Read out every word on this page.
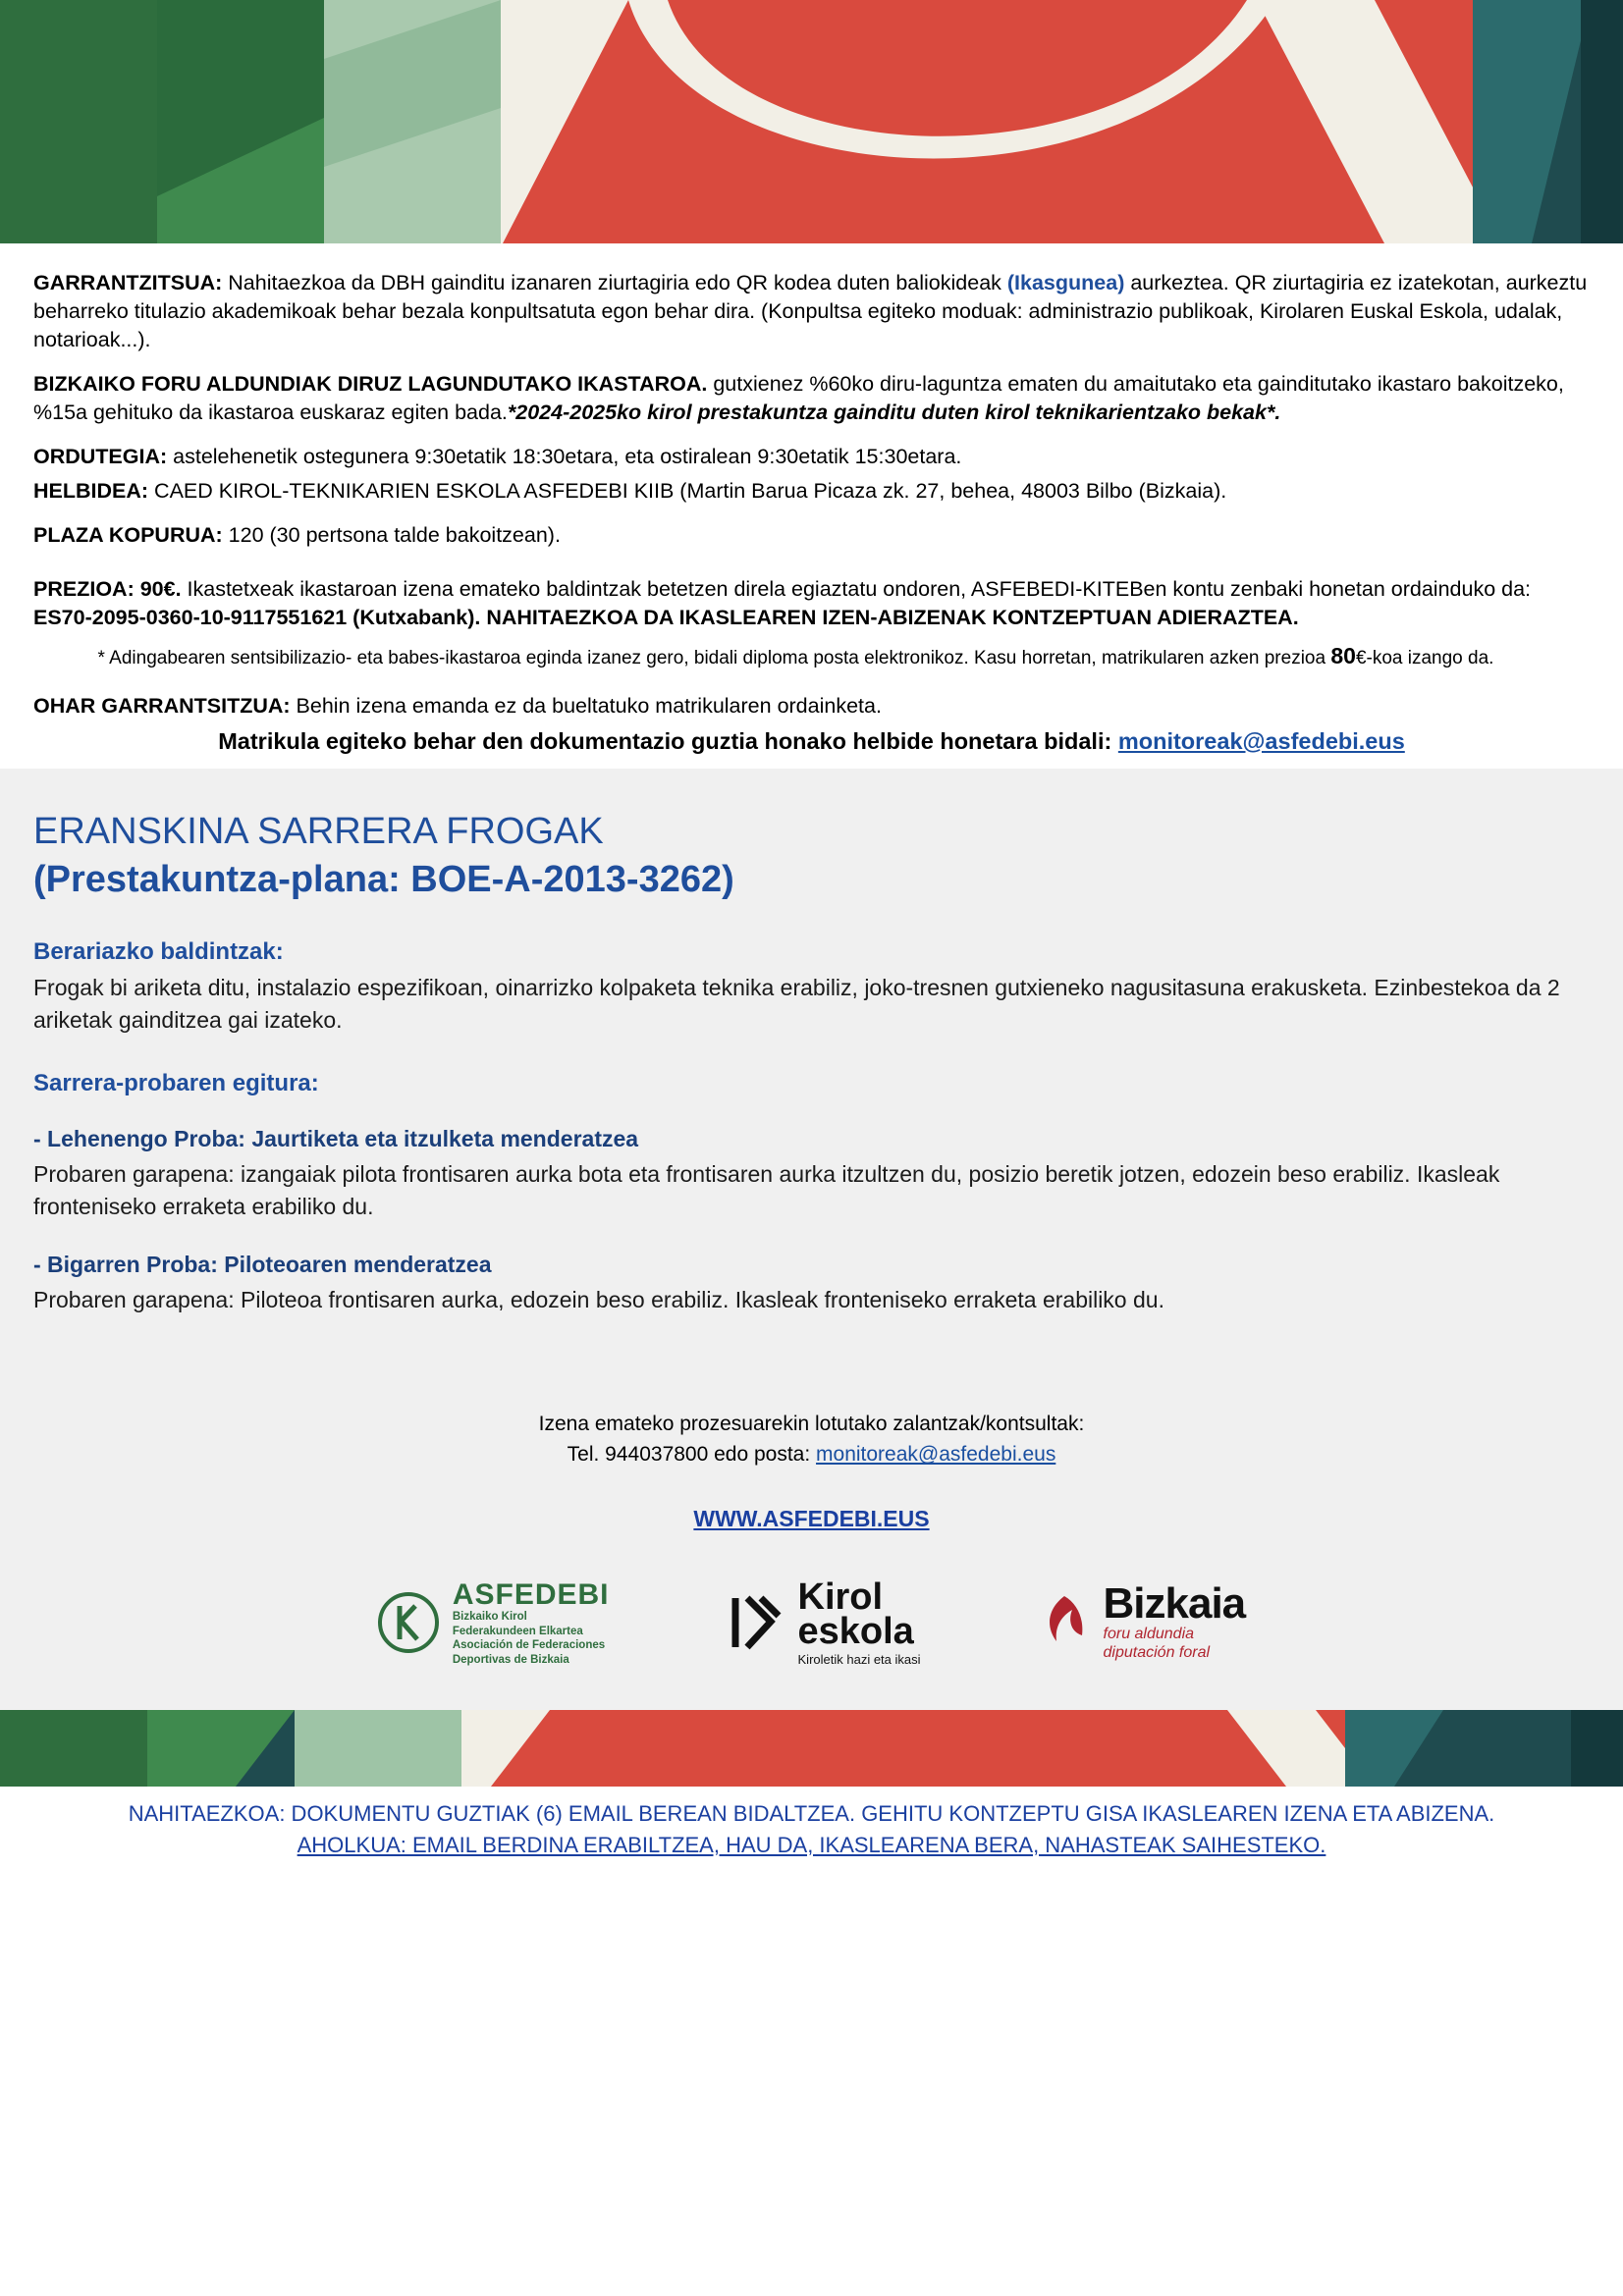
GARRANTZITSUA: Nahitaezkoa da DBH gainditu izanaren ziurtagiria edo QR kodea duten baliokideak (Ikasgunea) aurkeztea. QR ziurtagiria ez izatekotan, aurkeztu beharreko titulazio akademikoak behar bezala konpultsatuta egon behar dira. (Konpultsa egiteko moduak: administrazio publikoak, Kirolaren Euskal Eskola, udalak, notarioak...).
BIZKAIKO FORU ALDUNDIAK DIRUZ LAGUNDUTAKO IKASTAROA. gutxienez %60ko diru-laguntza ematen du amaitutako eta gainditutako ikastaro bakoitzeko, %15a gehituko da ikastaroa euskaraz egiten bada.*2024-2025ko kirol prestakuntza gainditu duten kirol teknikarientzako bekak*.
ORDUTEGIA: astelehenetik ostegunera 9:30etatik 18:30etara, eta ostiralean 9:30etatik 15:30etara.
HELBIDEA: CAED KIROL-TEKNIKARIEN ESKOLA ASFEDEBI KIIB (Martin Barua Picaza zk. 27, behea, 48003 Bilbo (Bizkaia).
PLAZA KOPURUA: 120 (30 pertsona talde bakoitzean).
PREZIOA: 90€. Ikastetxeak ikastaroan izena emateko baldintzak betetzen direla egiaztatu ondoren, ASFEBEDI-KITEBen kontu zenbaki honetan ordainduko da: ES70-2095-0360-10-9117551621 (Kutxabank). NAHITAEZKOA DA IKASLEAREN IZEN-ABIZENAK KONTZEPTUAN ADIERAZTEA.
* Adingabearen sentsibilizazio- eta babes-ikastaroa eginda izanez gero, bidali diploma posta elektronikoz. Kasu horretan, matrikularen azken prezioa 80€-koa izango da.
OHAR GARRANTSITZUA: Behin izena emanda ez da bueltatuko matrikularen ordainketa.
Matrikula egiteko behar den dokumentazio guztia honako helbide honetara bidali: monitoreak@asfedebi.eus
ERANSKINA SARRERA FROGAK
(Prestakuntza-plana: BOE-A-2013-3262)
Berariazko baldintzak:

Frogak bi ariketa ditu, instalazio espezifikoan, oinarrizko kolpaketa teknika erabiliz, joko-tresnen gutxieneko nagusitasuna erakusketa. Ezinbestekoa da 2 ariketak gainditzea gai izateko.

Sarrera-probaren egitura:

- Lehenengo Proba: Jaurtiketa eta itzulketa menderatzea

Probaren garapena: izangaiak pilota frontisaren aurka bota eta frontisaren aurka itzultzen du, posizio beretik jotzen, edozein beso erabiliz. Ikasleak fronteniseko erraketa erabiliko du.

- Bigarren Proba: Piloteoaren menderatzea

Probaren garapena: Piloteoa frontisaren aurka, edozein beso erabiliz. Ikasleak fronteniseko erraketa erabiliko du.

Izena emateko prozesuarekin lotutako zalantzak/kontsultak:
Tel. 944037800 edo posta: monitoreak@asfedebi.eus
WWW.ASFEDEBI.EUS
ASFEDEBI
Bizkaiko Kirol
Federakundeen Elkartea
Asociación de Federaciones
Deportivas de Bizkaia
Kirol
eskola
Kiroletik hazi eta ikasi
Bizkaia
foru aldundia
diputación foral
NAHITAEZKOA: DOKUMENTU GUZTIAK (6) EMAIL BEREAN BIDALTZEA. GEHITU KONTZEPTU GISA IKASLEAREN IZENA ETA ABIZENA.
AHOLKUA: EMAIL BERDINA ERABILTZEA, HAU DA, IKASLEARENA BERA, NAHASTEAK SAIHESTEKO.
